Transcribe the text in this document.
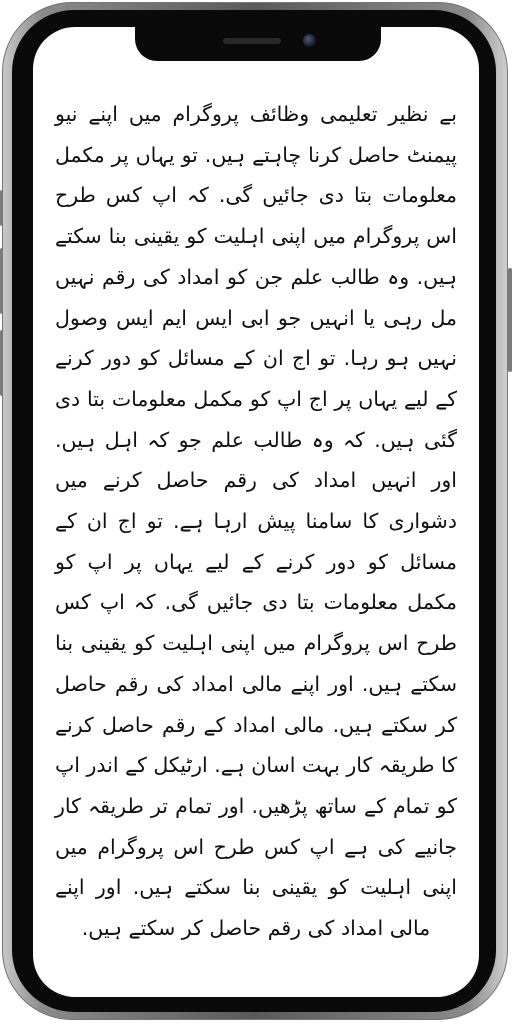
بے نظیر تعلیمی وظائف پروگرام میں اپنے نیو پیمنٹ حاصل کرنا چاہتے ہیں. تو یہاں پر مکمل معلومات بتا دی جائیں گی. کہ اپ کس طرح اس پروگرام میں اپنی اہلیت کو یقینی بنا سکتے ہیں. وہ طالب علم جن کو امداد کی رقم نہیں مل رہی یا انہیں جو ابی ایس ایم ایس وصول نہیں ہو رہا. تو اج ان کے مسائل کو دور کرنے کے لیے یہاں پر اج اپ کو مکمل معلومات بتا دی گئی ہیں. کہ وہ طالب علم جو کہ اہل ہیں. اور انہیں امداد کی رقم حاصل کرنے میں دشواری کا سامنا پیش ارہا ہے. تو اج ان کے مسائل کو دور کرنے کے لیے یہاں پر اپ کو مکمل معلومات بتا دی جائیں گی. کہ اپ کس طرح اس پروگرام میں اپنی اہلیت کو یقینی بنا سکتے ہیں. اور اپنے مالی امداد کی رقم حاصل کر سکتے ہیں. مالی امداد کے رقم حاصل کرنے کا طریقہ کار بہت اسان ہے. ارٹیکل کے اندر اپ کو تمام کے ساتھ پڑھیں. اور تمام تر طریقہ کار جانیے کی ہے اپ کس طرح اس پروگرام میں اپنی اہلیت کو یقینی بنا سکتے ہیں. اور اپنے مالی امداد کی رقم حاصل کر سکتے ہیں.
